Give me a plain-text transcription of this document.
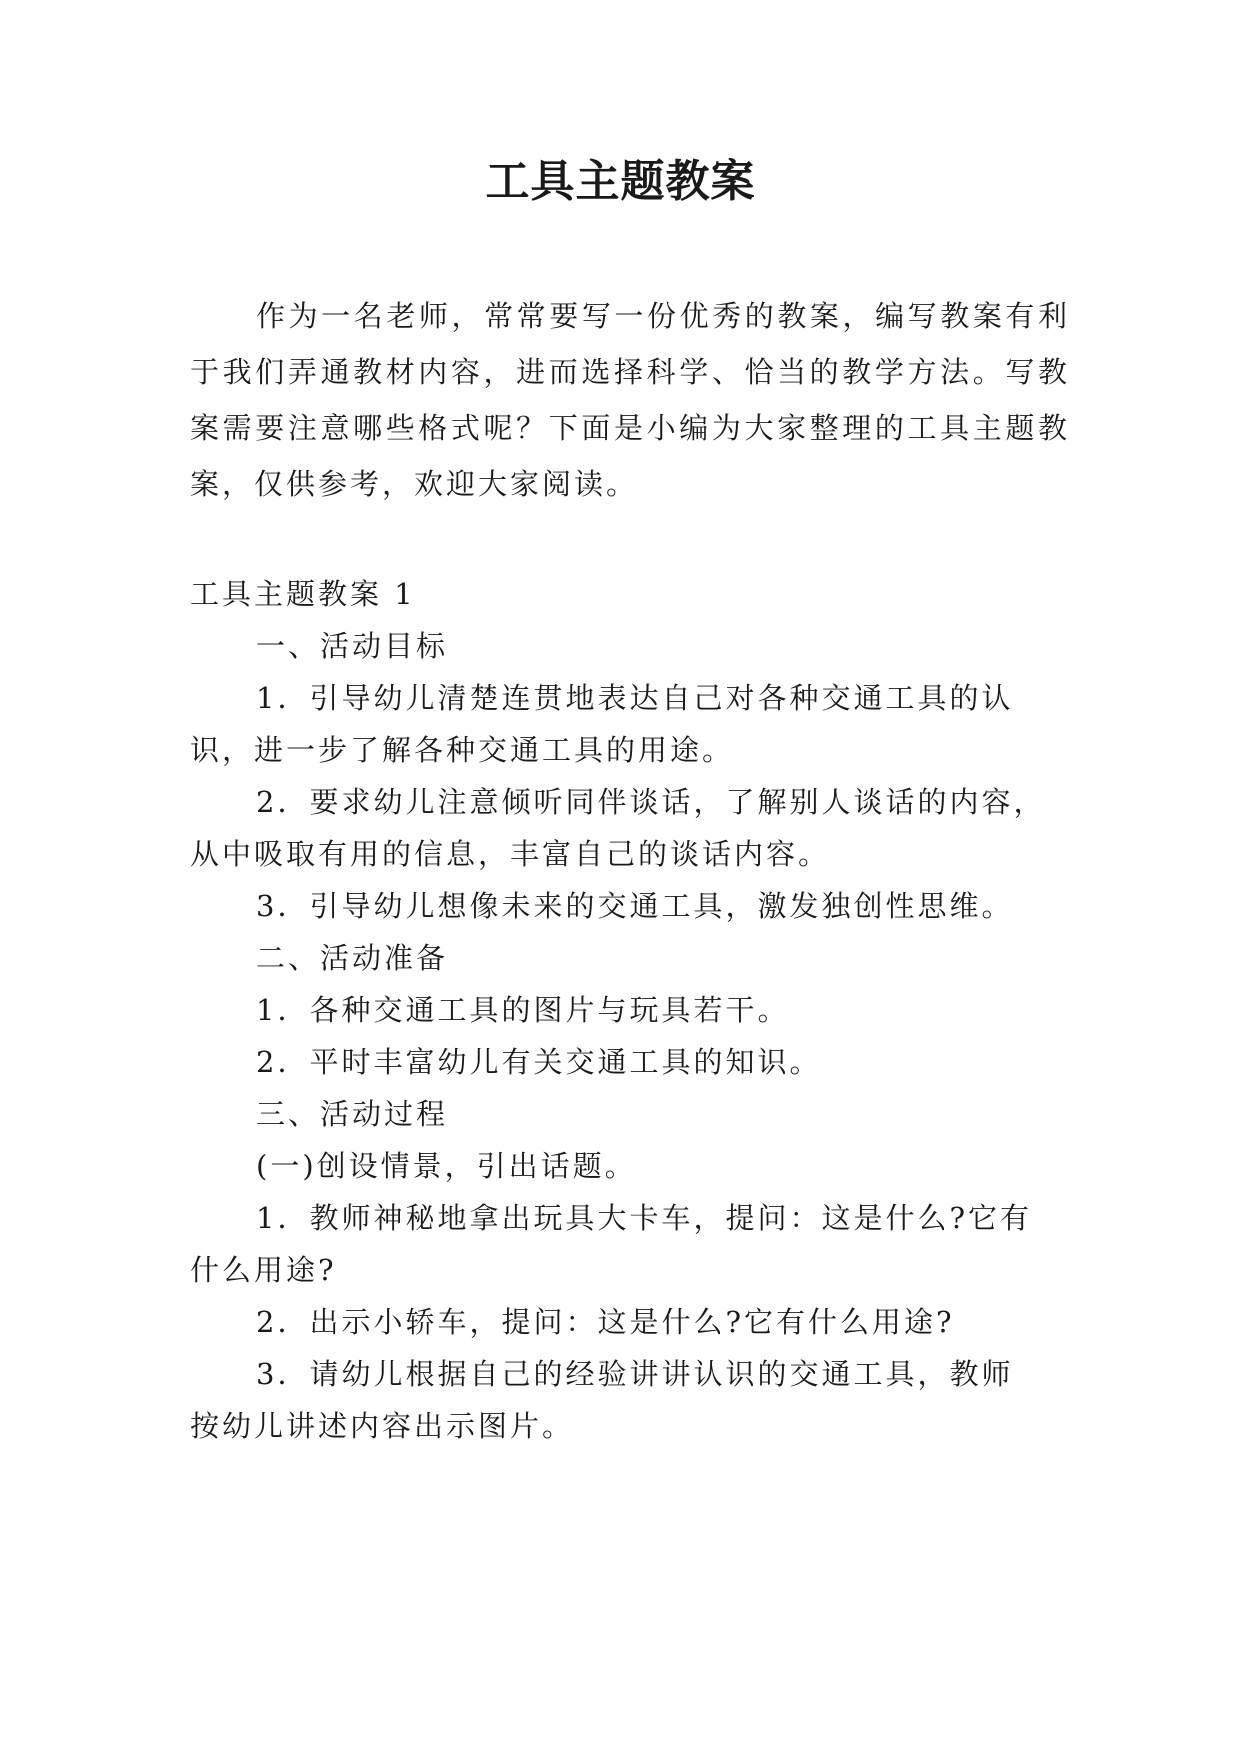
工具主题教案

作为一名老师，常常要写一份优秀的教案，编写教案有利于我们弄通教材内容，进而选择科学、恰当的教学方法。写教案需要注意哪些格式呢？下面是小编为大家整理的工具主题教案，仅供参考，欢迎大家阅读。

工具主题教案 1
一、活动目标
1．引导幼儿清楚连贯地表达自己对各种交通工具的认
识，进一步了解各种交通工具的用途。
2．要求幼儿注意倾听同伴谈话，了解别人谈话的内容，
从中吸取有用的信息，丰富自己的谈话内容。
3．引导幼儿想像未来的交通工具，激发独创性思维。
二、活动准备
1．各种交通工具的图片与玩具若干。
2．平时丰富幼儿有关交通工具的知识。
三、活动过程
(一)创设情景，引出话题。
1．教师神秘地拿出玩具大卡车，提问：这是什么?它有
什么用途?
2．出示小轿车，提问：这是什么?它有什么用途?
3．请幼儿根据自己的经验讲讲认识的交通工具，教师
按幼儿讲述内容出示图片。
